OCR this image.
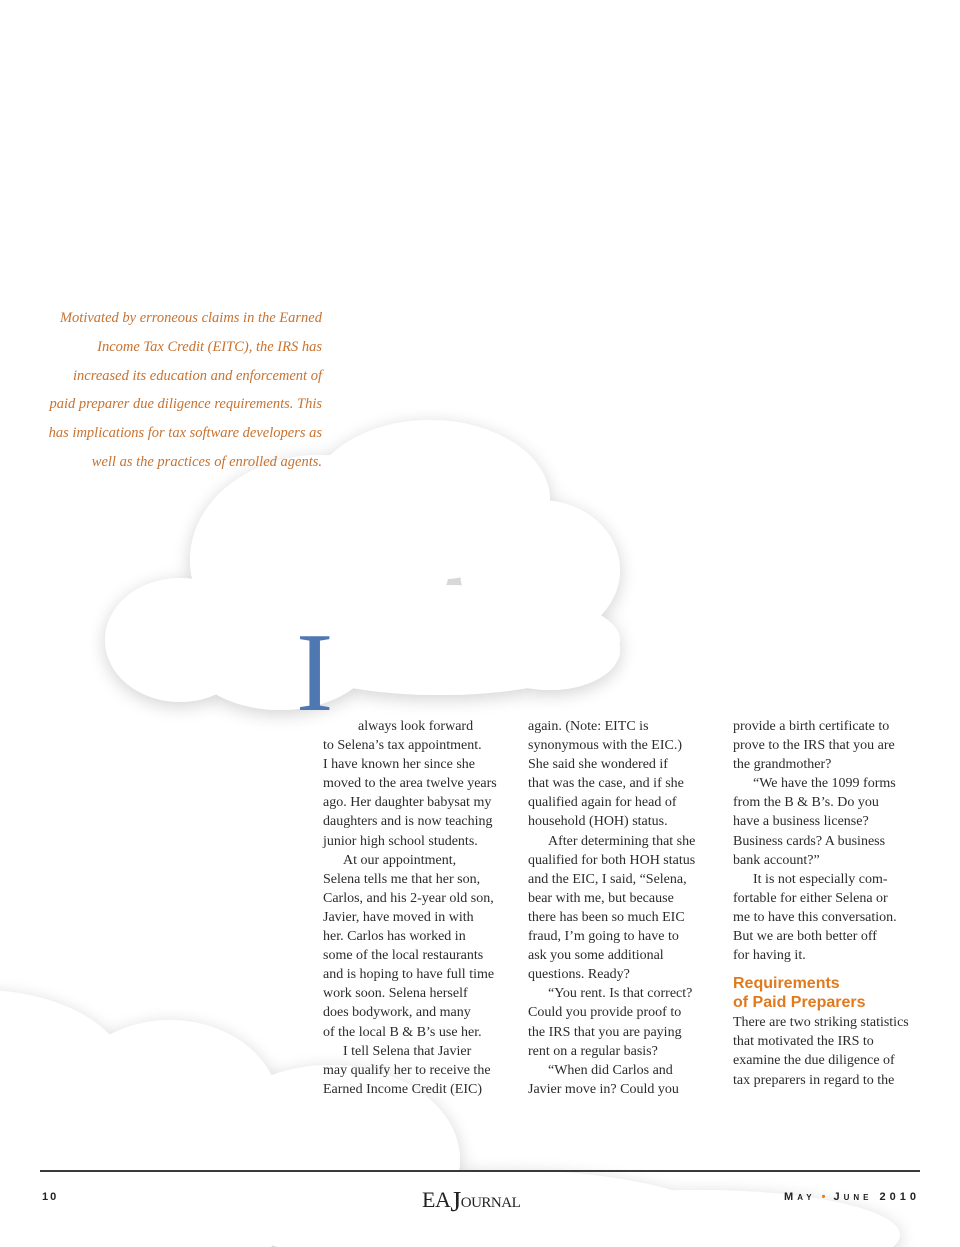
Motivated by erroneous claims in the Earned
Income Tax Credit (EITC), the IRS has
increased its education and enforcement of
paid preparer due diligence requirements. This
has implications for tax software developers as
well as the practices of enrolled agents.
I	always look forward
to Selena’s tax appointment.
I have known her since she
moved to the area twelve years
ago. Her daughter babysat my
daughters and is now teaching
junior high school students.
At our appointment,
Selena tells me that her son,
Carlos, and his 2-year old son,
Javier, have moved in with
her. Carlos has worked in
some of the local restaurants
and is hoping to have full time
work soon. Selena herself
does bodywork, and many
of the local B & B’s use her.
I tell Selena that Javier
may qualify her to receive the
Earned Income Credit (EIC)
again. (Note: EITC is
synonymous with the EIC.)
She said she wondered if
that was the case, and if she
qualified again for head of
household (HOH) status.
After determining that she
qualified for both HOH status
and the EIC, I said, “Selena,
bear with me, but because
there has been so much EIC
fraud, I’m going to have to
ask you some additional
questions. Ready?
“You rent. Is that correct?
Could you provide proof to
the IRS that you are paying
rent on a regular basis?
“When did Carlos and
Javier move in? Could you
provide a birth certificate to
prove to the IRS that you are
the grandmother?
“We have the 1099 forms
from the B & B’s. Do you
have a business license?
Business cards? A business
bank account?”
It is not especially com-
fortable for either Selena or
me to have this conversation.
But we are both better off
for having it.
Requirements
of Paid Preparers
There are two striking statistics
that motivated the IRS to
examine the due diligence of
tax preparers in regard to the
10	EAJournal	May • June 2010
